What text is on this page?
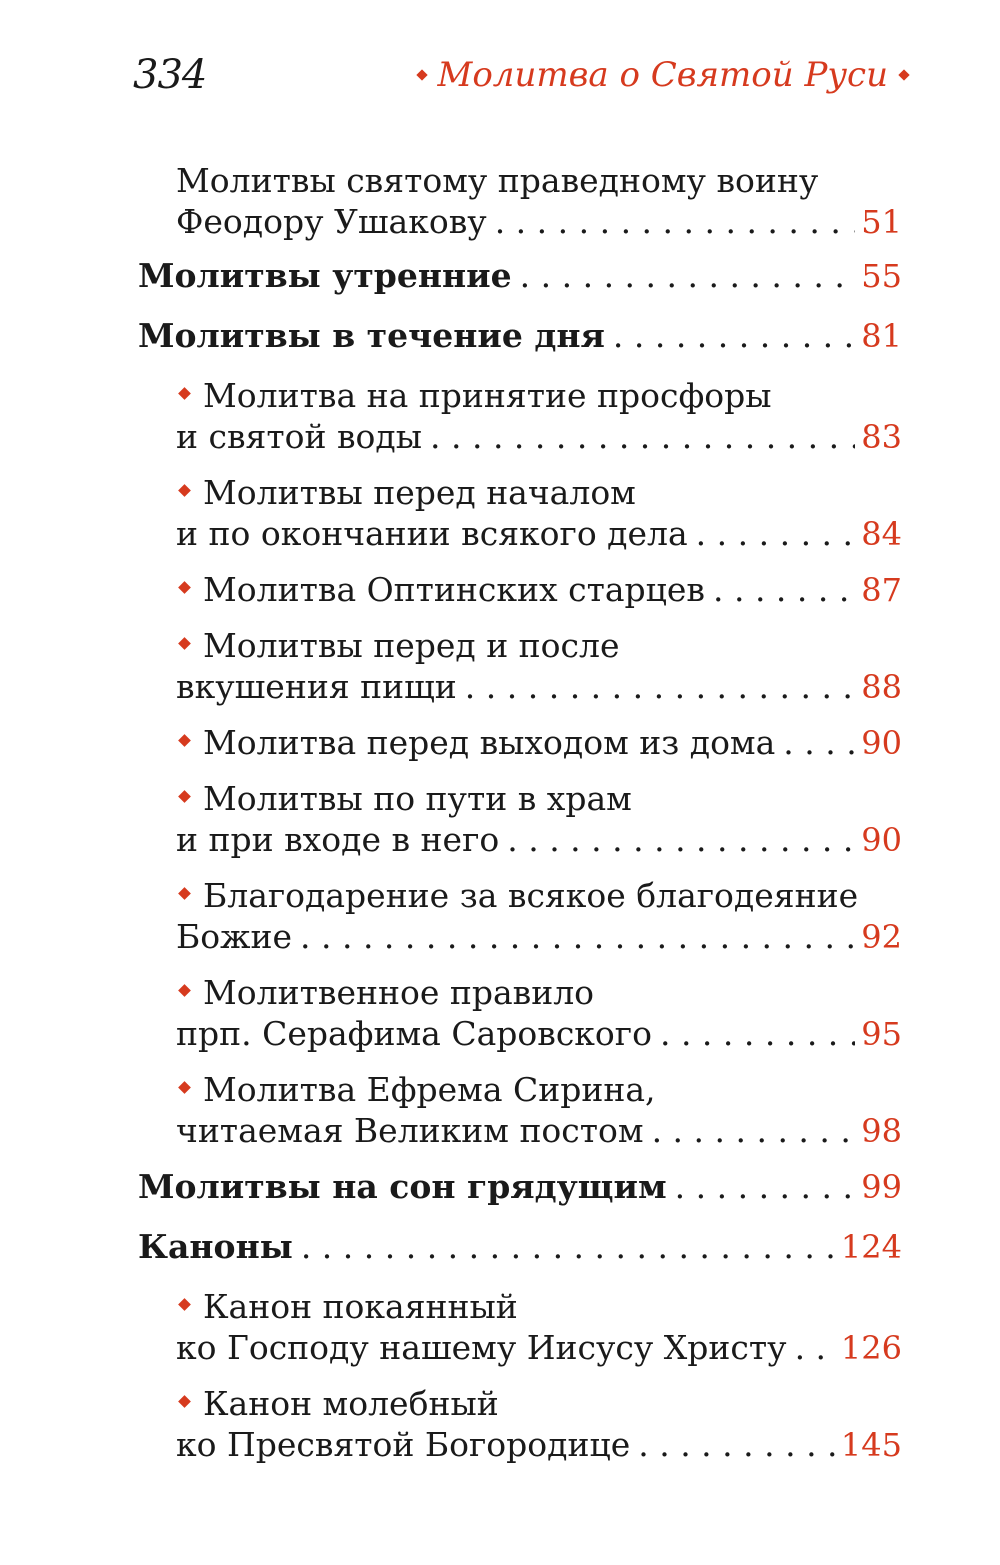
334	Молитва о Святой Руси
Молитвы святому праведному воину
Феодору Ушакову . . .	51
Молитвы утренние . . .	55
Молитвы в течение дня . . .	81
Молитва на принятие просфоры
и святой воды . . .	83
Молитвы перед началом
и по окончании всякого дела . . .	84
Молитва Оптинских старцев . . .	87
Молитвы перед и после
вкушения пищи . . .	88
Молитва перед выходом из дома . . .	90
Молитвы по пути в храм
и при входе в него . . .	90
Благодарение за всякое благодеяние
Божие . . .	92
Молитвенное правило
прп. Серафима Саровского . . .	95
Молитва Ефрема Сирина,
читаемая Великим постом . . .	98
Молитвы на сон грядущим . . .	99
Каноны . . .	124
Канон покаянный
ко Господу нашему Иисусу Христу . . . 126
Канон молебный
ко Пресвятой Богородице . . .	145
